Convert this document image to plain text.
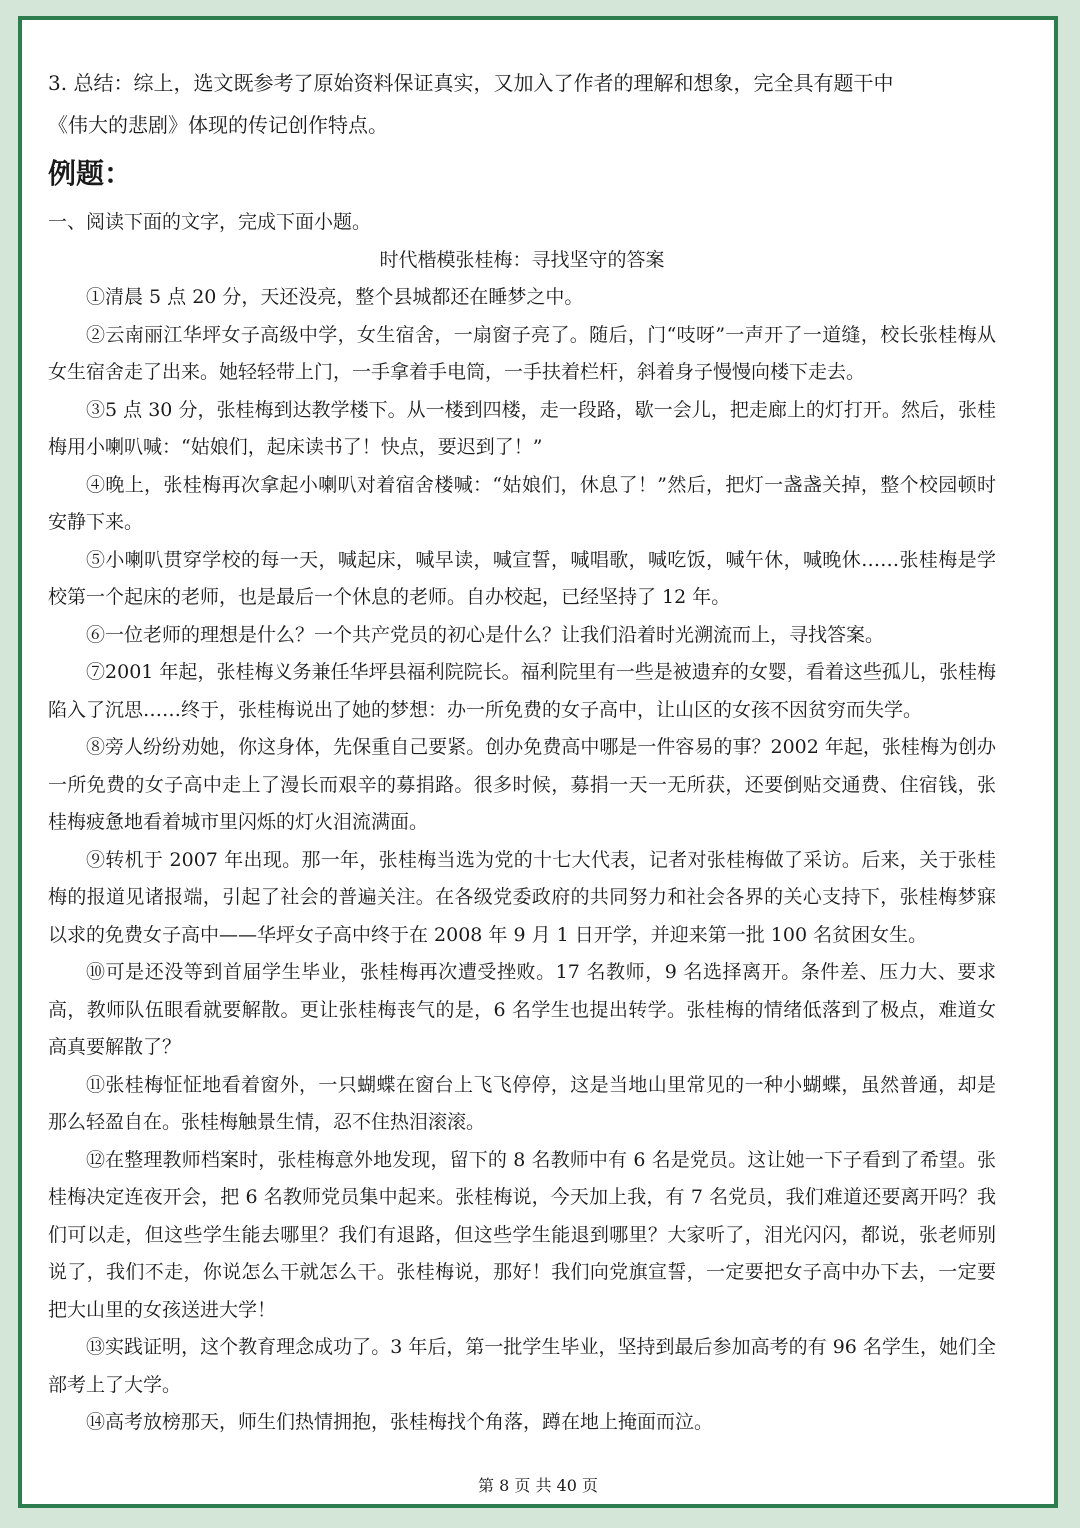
第 8 页 共 40 页

3. 总结：综上，选文既参考了原始资料保证真实，又加入了作者的理解和想象，完全具有题干中

《伟大的悲剧》体现的传记创作特点。

例题：

一、阅读下面的文字，完成下面小题。

时代楷模张桂梅：寻找坚守的答案

①清晨 5 点 20 分，天还没亮，整个县城都还在睡梦之中。

②云南丽江华坪女子高级中学，女生宿舍，一扇窗子亮了。随后，门“吱呀”一声开了一道缝，校长张桂梅从女生宿舍走了出来。她轻轻带上门，一手拿着手电筒，一手扶着栏杆，斜着身子慢慢向楼下走去。

③5 点 30 分，张桂梅到达教学楼下。从一楼到四楼，走一段路，歇一会儿，把走廊上的灯打开。然后，张桂梅用小喇叭喊：“姑娘们，起床读书了！快点，要迟到了！”

④晚上，张桂梅再次拿起小喇叭对着宿舍楼喊：“姑娘们，休息了！”然后，把灯一盏盏关掉，整个校园顿时安静下来。

⑤小喇叭贯穿学校的每一天，喊起床，喊早读，喊宣誓，喊唱歌，喊吃饭，喊午休，喊晚休……张桂梅是学校第一个起床的老师，也是最后一个休息的老师。自办校起，已经坚持了 12 年。

⑥一位老师的理想是什么？一个共产党员的初心是什么？让我们沿着时光溯流而上，寻找答案。

⑦2001 年起，张桂梅义务兼任华坪县福利院院长。福利院里有一些是被遗弃的女婴，看着这些孤儿，张桂梅陷入了沉思……终于，张桂梅说出了她的梦想：办一所免费的女子高中，让山区的女孩不因贫穷而失学。

⑧旁人纷纷劝她，你这身体，先保重自己要紧。创办免费高中哪是一件容易的事？2002 年起，张桂梅为创办一所免费的女子高中走上了漫长而艰辛的募捐路。很多时候，募捐一天一无所获，还要倒贴交通费、住宿钱，张桂梅疲惫地看着城市里闪烁的灯火泪流满面。

⑨转机于 2007 年出现。那一年，张桂梅当选为党的十七大代表，记者对张桂梅做了采访。后来，关于张桂梅的报道见诸报端，引起了社会的普遍关注。在各级党委政府的共同努力和社会各界的关心支持下，张桂梅梦寐以求的免费女子高中——华坪女子高中终于在 2008 年 9 月 1 日开学，并迎来第一批 100 名贫困女生。

⑩可是还没等到首届学生毕业，张桂梅再次遭受挫败。17 名教师，9 名选择离开。条件差、压力大、要求高，教师队伍眼看就要解散。更让张桂梅丧气的是，6 名学生也提出转学。张桂梅的情绪低落到了极点，难道女高真要解散了？

⑪张桂梅怔怔地看着窗外，一只蝴蝶在窗台上飞飞停停，这是当地山里常见的一种小蝴蝶，虽然普通，却是那么轻盈自在。张桂梅触景生情，忍不住热泪滚滚。

⑫在整理教师档案时，张桂梅意外地发现，留下的 8 名教师中有 6 名是党员。这让她一下子看到了希望。张桂梅决定连夜开会，把 6 名教师党员集中起来。张桂梅说，今天加上我，有 7 名党员，我们难道还要离开吗？我们可以走，但这些学生能去哪里？我们有退路，但这些学生能退到哪里？大家听了，泪光闪闪，都说，张老师别说了，我们不走，你说怎么干就怎么干。张桂梅说，那好！我们向党旗宣誓，一定要把女子高中办下去，一定要把大山里的女孩送进大学！

⑬实践证明，这个教育理念成功了。3 年后，第一批学生毕业，坚持到最后参加高考的有 96 名学生，她们全部考上了大学。

⑭高考放榜那天，师生们热情拥抱，张桂梅找个角落，蹲在地上掩面而泣。
